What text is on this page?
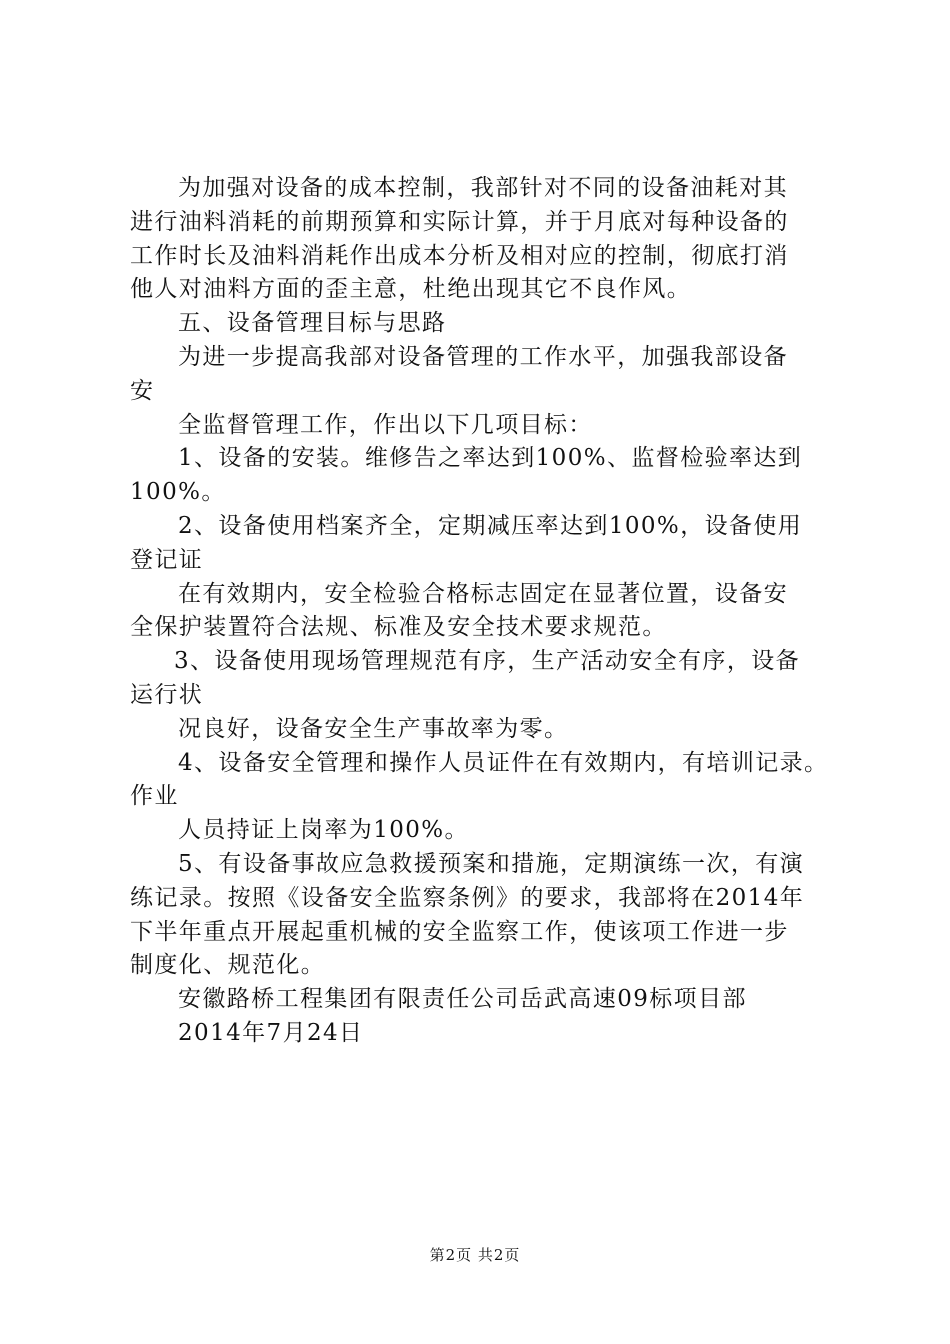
为加强对设备的成本控制，我部针对不同的设备油耗对其
进行油料消耗的前期预算和实际计算，并于月底对每种设备的
工作时长及油料消耗作出成本分析及相对应的控制，彻底打消
他人对油料方面的歪主意，杜绝出现其它不良作风。
五、设备管理目标与思路
为进一步提高我部对设备管理的工作水平，加强我部设备
安
全监督管理工作，作出以下几项目标：
1、设备的安装。维修告之率达到100%、监督检验率达到
100%。
2、设备使用档案齐全，定期减压率达到100%，设备使用
登记证
在有效期内，安全检验合格标志固定在显著位置，设备安
全保护装置符合法规、标准及安全技术要求规范。
3、设备使用现场管理规范有序，生产活动安全有序，设备
运行状
况良好，设备安全生产事故率为零。
4、设备安全管理和操作人员证件在有效期内，有培训记录。
作业
人员持证上岗率为100%。
5、有设备事故应急救援预案和措施，定期演练一次，有演
练记录。按照《设备安全监察条例》的要求，我部将在2014年
下半年重点开展起重机械的安全监察工作，使该项工作进一步
制度化、规范化。
安徽路桥工程集团有限责任公司岳武高速09标项目部
2014年7月24日
第2页 共2页
